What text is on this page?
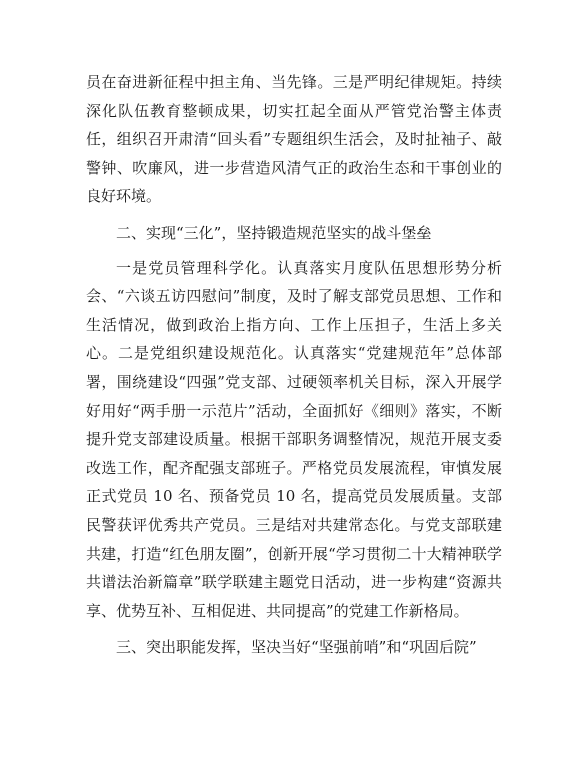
员在奋进新征程中担主角、当先锋。三是严明纪律规矩。持续深化队伍教育整顿成果，切实扛起全面从严管党治警主体责任，组织召开肃清“回头看”专题组织生活会，及时扯袖子、敲警钟、吹廉风，进一步营造风清气正的政治生态和干事创业的良好环境。

二、实现“三化”，坚持锻造规范坚实的战斗堡垒

一是党员管理科学化。认真落实月度队伍思想形势分析会、“六谈五访四慰问”制度，及时了解支部党员思想、工作和生活情况，做到政治上指方向、工作上压担子，生活上多关心。二是党组织建设规范化。认真落实“党建规范年”总体部署，围绕建设“四强”党支部、过硬领率机关目标，深入开展学好用好“两手册一示范片”活动，全面抓好《细则》落实，不断提升党支部建设质量。根据干部职务调整情况，规范开展支委改选工作，配齐配强支部班子。严格党员发展流程，审慎发展正式党员 10 名、预备党员 10 名，提高党员发展质量。支部民警获评优秀共产党员。三是结对共建常态化。与党支部联建共建，打造“红色朋友圈”，创新开展“学习贯彻二十大精神联学共谱法治新篇章”联学联建主题党日活动，进一步构建“资源共享、优势互补、互相促进、共同提高”的党建工作新格局。

三、突出职能发挥，坚决当好“坚强前哨”和“巩固后院”
